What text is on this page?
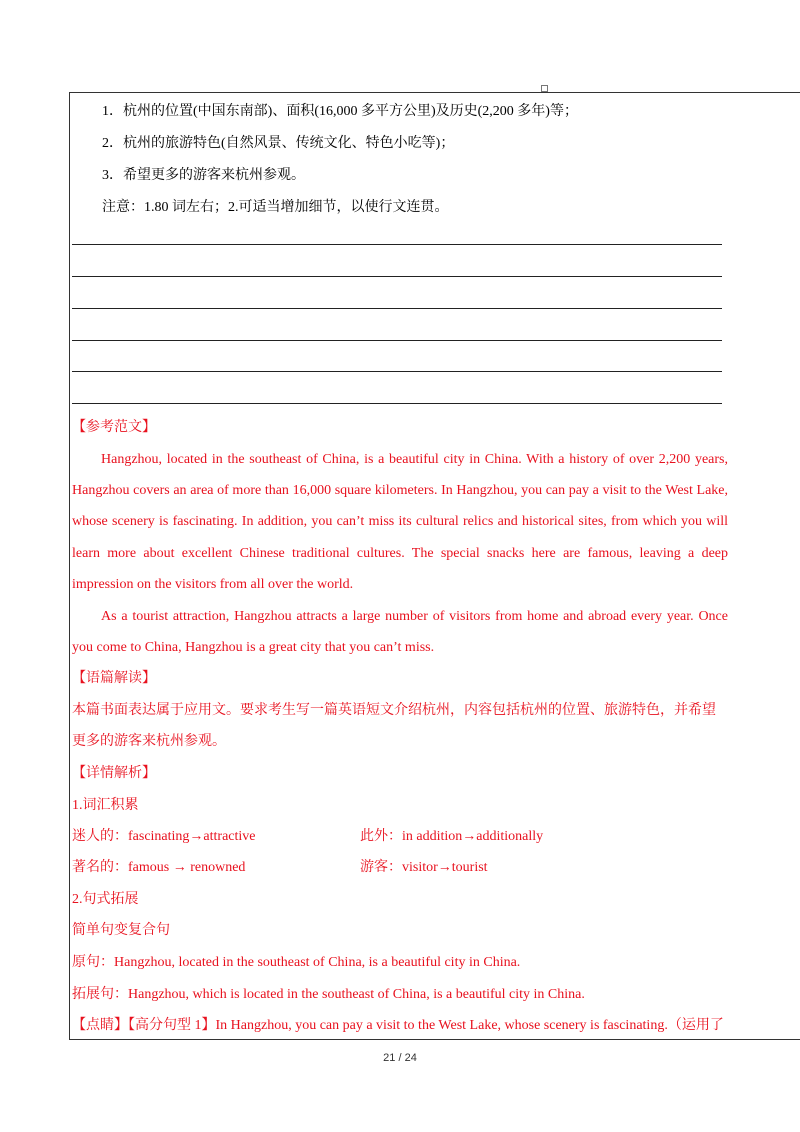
1．杭州的位置(中国东南部)、面积(16,000 多平方公里)及历史(2,200 多年)等；
2．杭州的旅游特色(自然风景、传统文化、特色小吃等)；
3．希望更多的游客来杭州参观。
注意：1.80 词左右；2.可适当增加细节，以使行文连贯。
【参考范文】
Hangzhou, located in the southeast of China, is a beautiful city in China. With a history of over 2,200 years,
Hangzhou covers an area of more than 16,000 square kilometers. In Hangzhou, you can pay a visit to the West Lake,
whose scenery is fascinating. In addition, you can’t miss its cultural relics and historical sites, from which you will
learn more about excellent Chinese traditional cultures. The special snacks here are famous, leaving a deep
impression on the visitors from all over the world.
As a tourist attraction, Hangzhou attracts a large number of visitors from home and abroad every year. Once
you come to China, Hangzhou is a great city that you can’t miss.
【语篇解读】
本篇书面表达属于应用文。要求考生写一篇英语短文介绍杭州，内容包括杭州的位置、旅游特色，并希望
更多的游客来杭州参观。
【详情解析】
1.词汇积累
迷人的：fascinating→attractive	此外：in addition→additionally
著名的：famous → renowned	游客：visitor→tourist
2.句式拓展
简单句变复合句
原句：Hangzhou, located in the southeast of China, is a beautiful city in China.
拓展句：Hangzhou, which is located in the southeast of China, is a beautiful city in China.
【点睛】【高分句型 1】In Hangzhou, you can pay a visit to the West Lake, whose scenery is fascinating.（运用了
21 / 24
